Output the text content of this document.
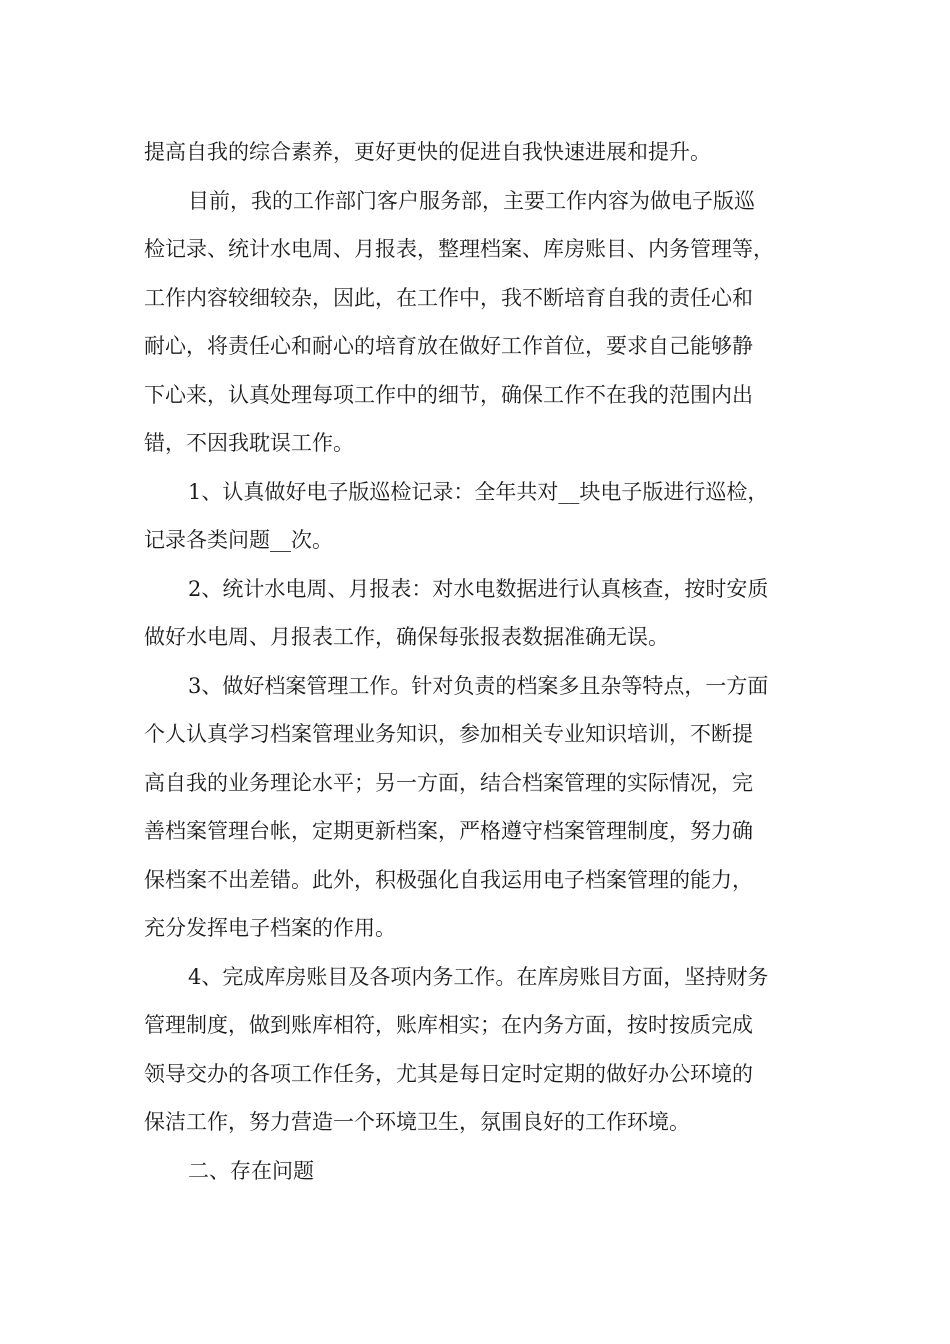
提高自我的综合素养，更好更快的促进自我快速进展和提升。
目前，我的工作部门客户服务部，主要工作内容为做电子版巡
检记录、统计水电周、月报表，整理档案、库房账目、内务管理等，
工作内容较细较杂，因此，在工作中，我不断培育自我的责任心和
耐心，将责任心和耐心的培育放在做好工作首位，要求自己能够静
下心来，认真处理每项工作中的细节，确保工作不在我的范围内出
错，不因我耽误工作。
1、认真做好电子版巡检记录：全年共对__块电子版进行巡检，
记录各类问题__次。
2、统计水电周、月报表：对水电数据进行认真核查，按时安质
做好水电周、月报表工作，确保每张报表数据准确无误。
3、做好档案管理工作。针对负责的档案多且杂等特点，一方面
个人认真学习档案管理业务知识，参加相关专业知识培训，不断提
高自我的业务理论水平；另一方面，结合档案管理的实际情况，完
善档案管理台帐，定期更新档案，严格遵守档案管理制度，努力确
保档案不出差错。此外，积极强化自我运用电子档案管理的能力，
充分发挥电子档案的作用。
4、完成库房账目及各项内务工作。在库房账目方面，坚持财务
管理制度，做到账库相符，账库相实；在内务方面，按时按质完成
领导交办的各项工作任务，尤其是每日定时定期的做好办公环境的
保洁工作，努力营造一个环境卫生，氛围良好的工作环境。
二、存在问题
